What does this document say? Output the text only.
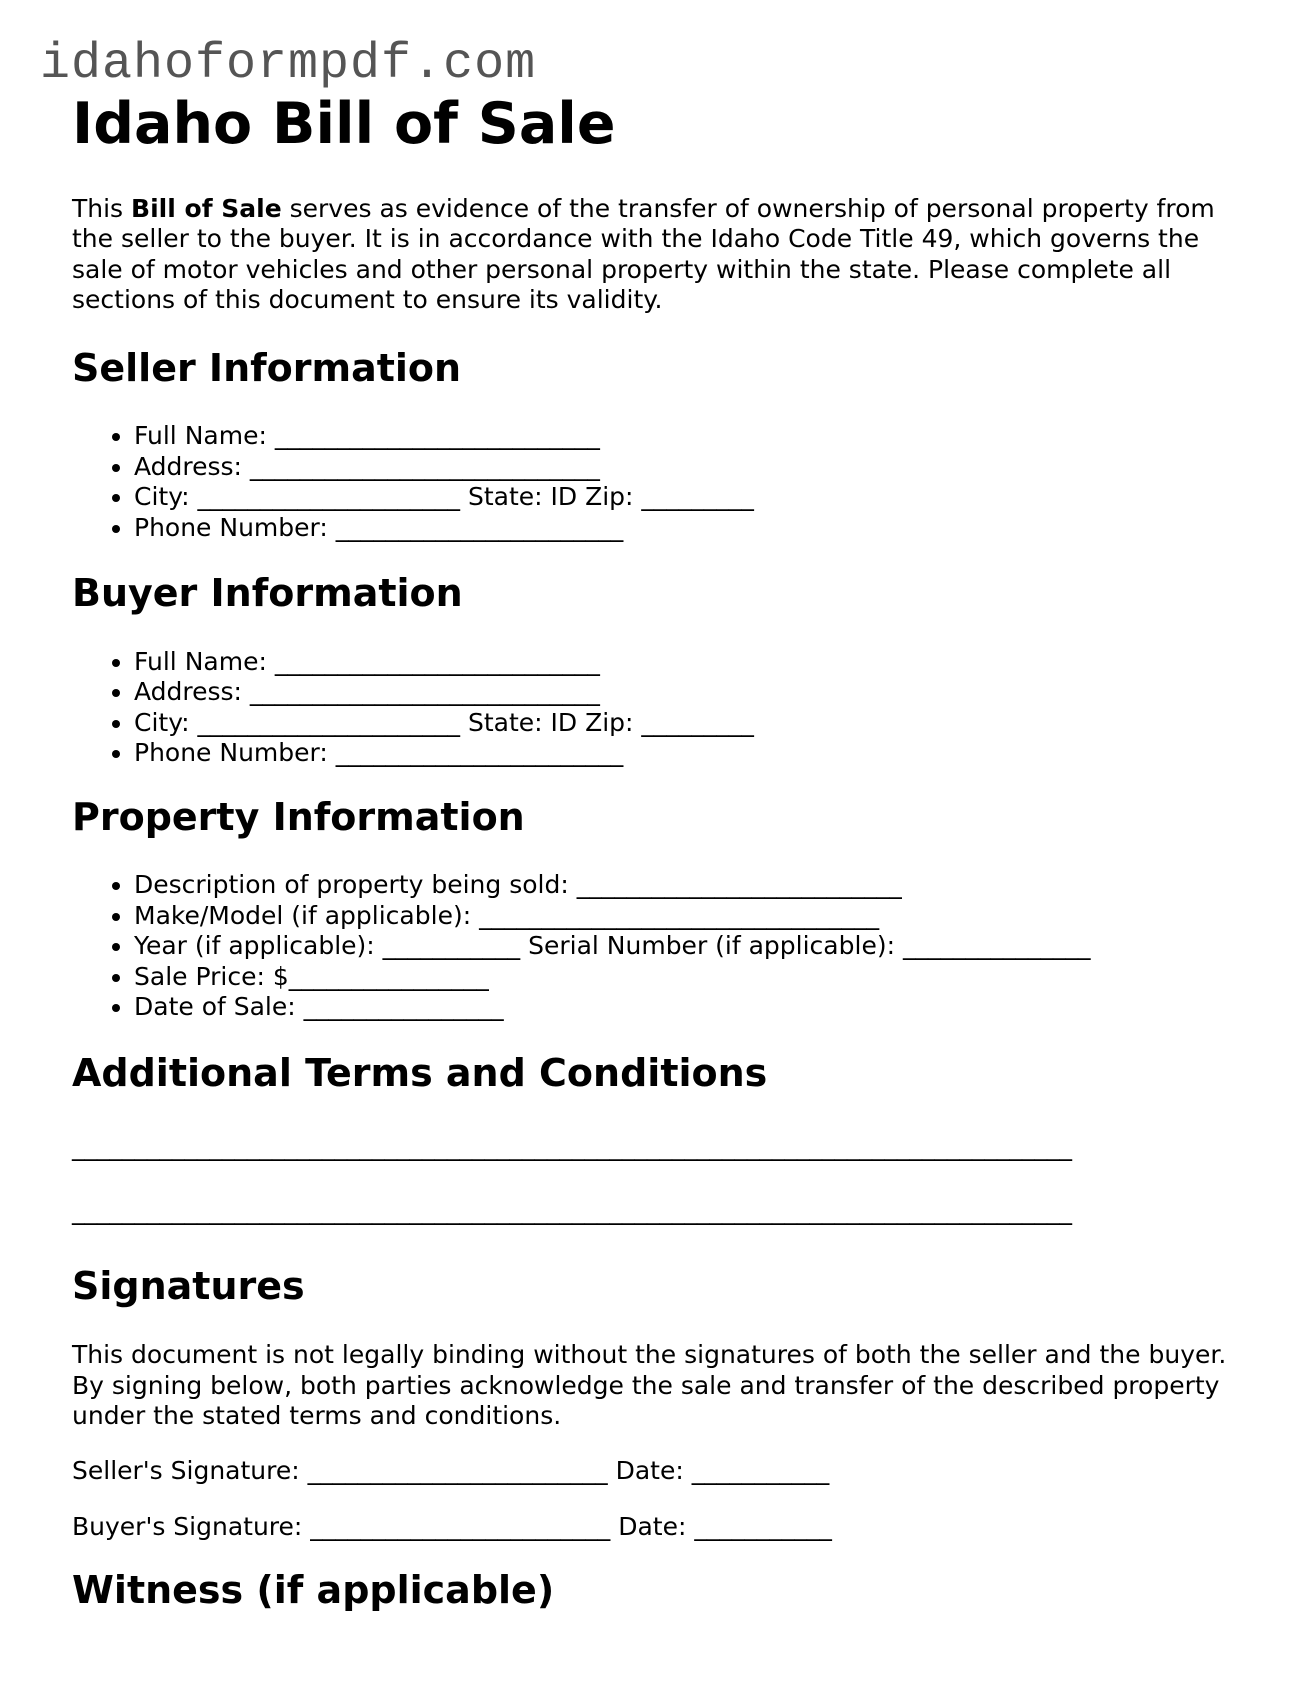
idahoformpdf.com
Idaho Bill of Sale

This Bill of Sale serves as evidence of the transfer of ownership of personal property from the seller to the buyer. It is in accordance with the Idaho Code Title 49, which governs the sale of motor vehicles and other personal property within the state. Please complete all sections of this document to ensure its validity.

Seller Information
• Full Name: __________________________
• Address: ____________________________
• City: _____________________ State: ID Zip: _________
• Phone Number: _______________________
Buyer Information
• Full Name: __________________________
• Address: ____________________________
• City: _____________________ State: ID Zip: _________
• Phone Number: _______________________
Property Information
• Description of property being sold: __________________________
• Make/Model (if applicable): ________________________________
• Year (if applicable): ___________ Serial Number (if applicable): _______________
• Sale Price: $________________
• Date of Sale: ________________
Additional Terms and Conditions
________________________________________________________________________________
________________________________________________________________________________
Signatures

This document is not legally binding without the signatures of both the seller and the buyer. By signing below, both parties acknowledge the sale and transfer of the described property under the stated terms and conditions.

Seller's Signature: ________________________ Date: ___________
Buyer's Signature: ________________________ Date: ___________
Witness (if applicable)
